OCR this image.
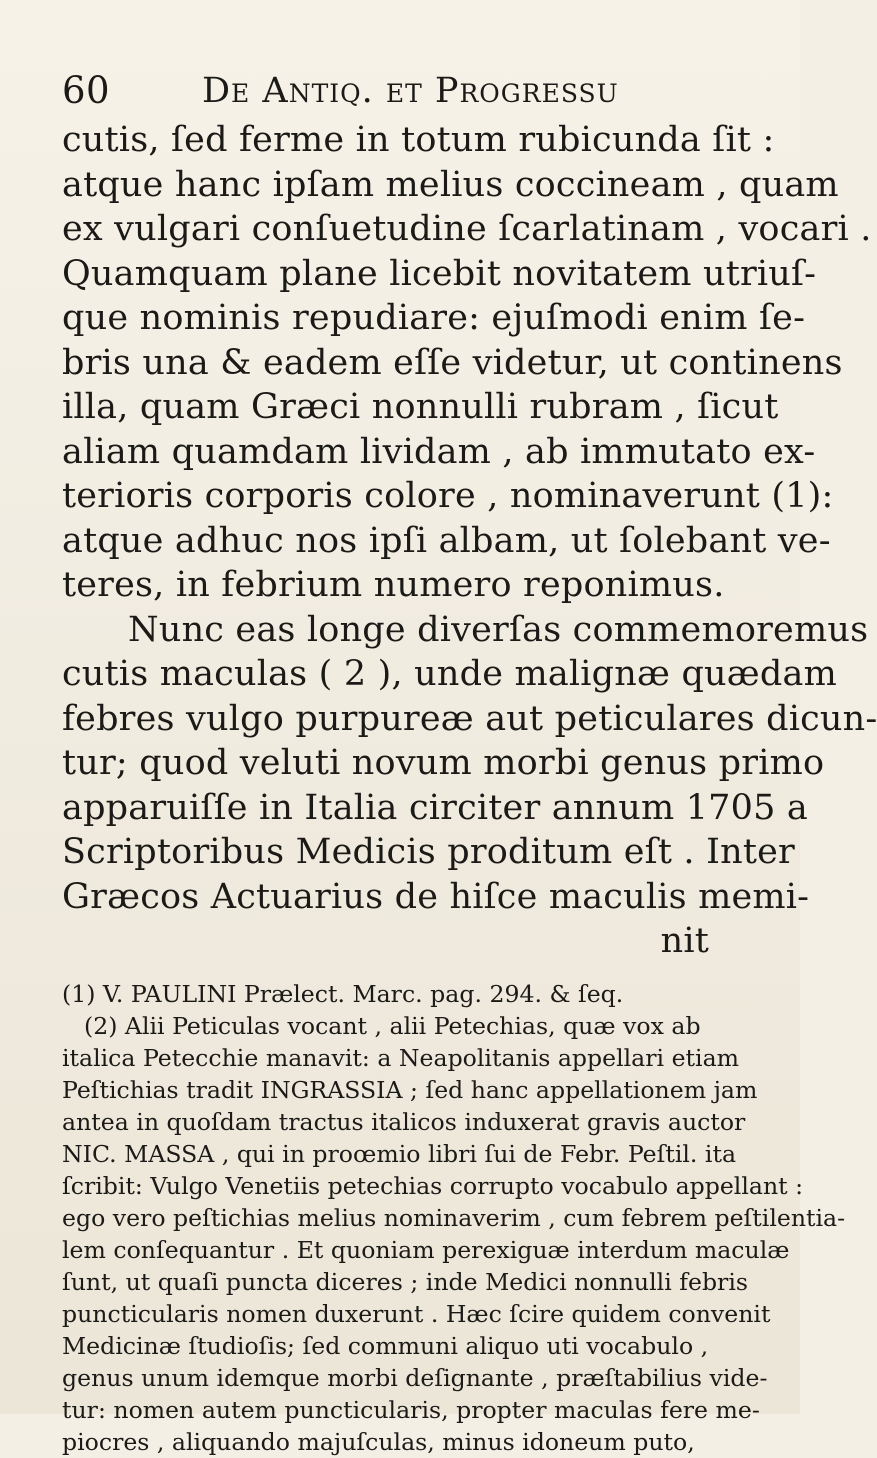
60	De Antiq. et Progressu
cutis, ſed ferme in totum rubicunda ſit :
atque hanc ipſam melius coccineam , quam
ex vulgari conſuetudine ſcarlatinam , vocari .
Quamquam plane licebit novitatem utriuſ-
que nominis repudiare: ejuſmodi enim ſe-
bris una & eadem eſſe videtur, ut continens
illa, quam Græci nonnulli rubram , ſicut
aliam quamdam lividam , ab immutato ex-
terioris corporis colore , nominaverunt (1):
atque adhuc nos ipſi albam, ut ſolebant ve-
teres, in febrium numero reponimus.
Nunc eas longe diverſas commemoremus
cutis maculas ( 2 ), unde malignæ quædam
febres vulgo purpureæ aut peticulares dicun-
tur; quod veluti novum morbi genus primo
apparuiſſe in Italia circiter annum 1705 a
Scriptoribus Medicis proditum eſt . Inter
Græcos Actuarius de hiſce maculis memi-
nit
(1) V. PAULINI Prælect. Marc. pag. 294. & ſeq.
(2) Alii Peticulas vocant , alii Petechias, quæ vox ab
italica Petecchie manavit: a Neapolitanis appellari etiam
Peſtichias tradit INGRASSIA ; ſed hanc appellationem jam
antea in quoſdam tractus italicos induxerat gravis auctor
NIC. MASSA , qui in proœmio libri ſui de Febr. Peſtil. ita
ſcribit: Vulgo Venetiis petechias corrupto vocabulo appellant :
ego vero peſtichias melius nominaverim , cum febrem peſtilentia-
lem conſequantur . Et quoniam perexiguæ interdum maculæ
ſunt, ut quaſi puncta diceres ; inde Medici nonnulli febris
puncticularis nomen duxerunt . Hæc ſcire quidem convenit
Medicinæ ſtudioſis; ſed communi aliquo uti vocabulo ,
genus unum idemque morbi deſignante , præſtabilius vide-
tur: nomen autem puncticularis, propter maculas fere me-
piocres , aliquando majuſculas, minus idoneum puto,
